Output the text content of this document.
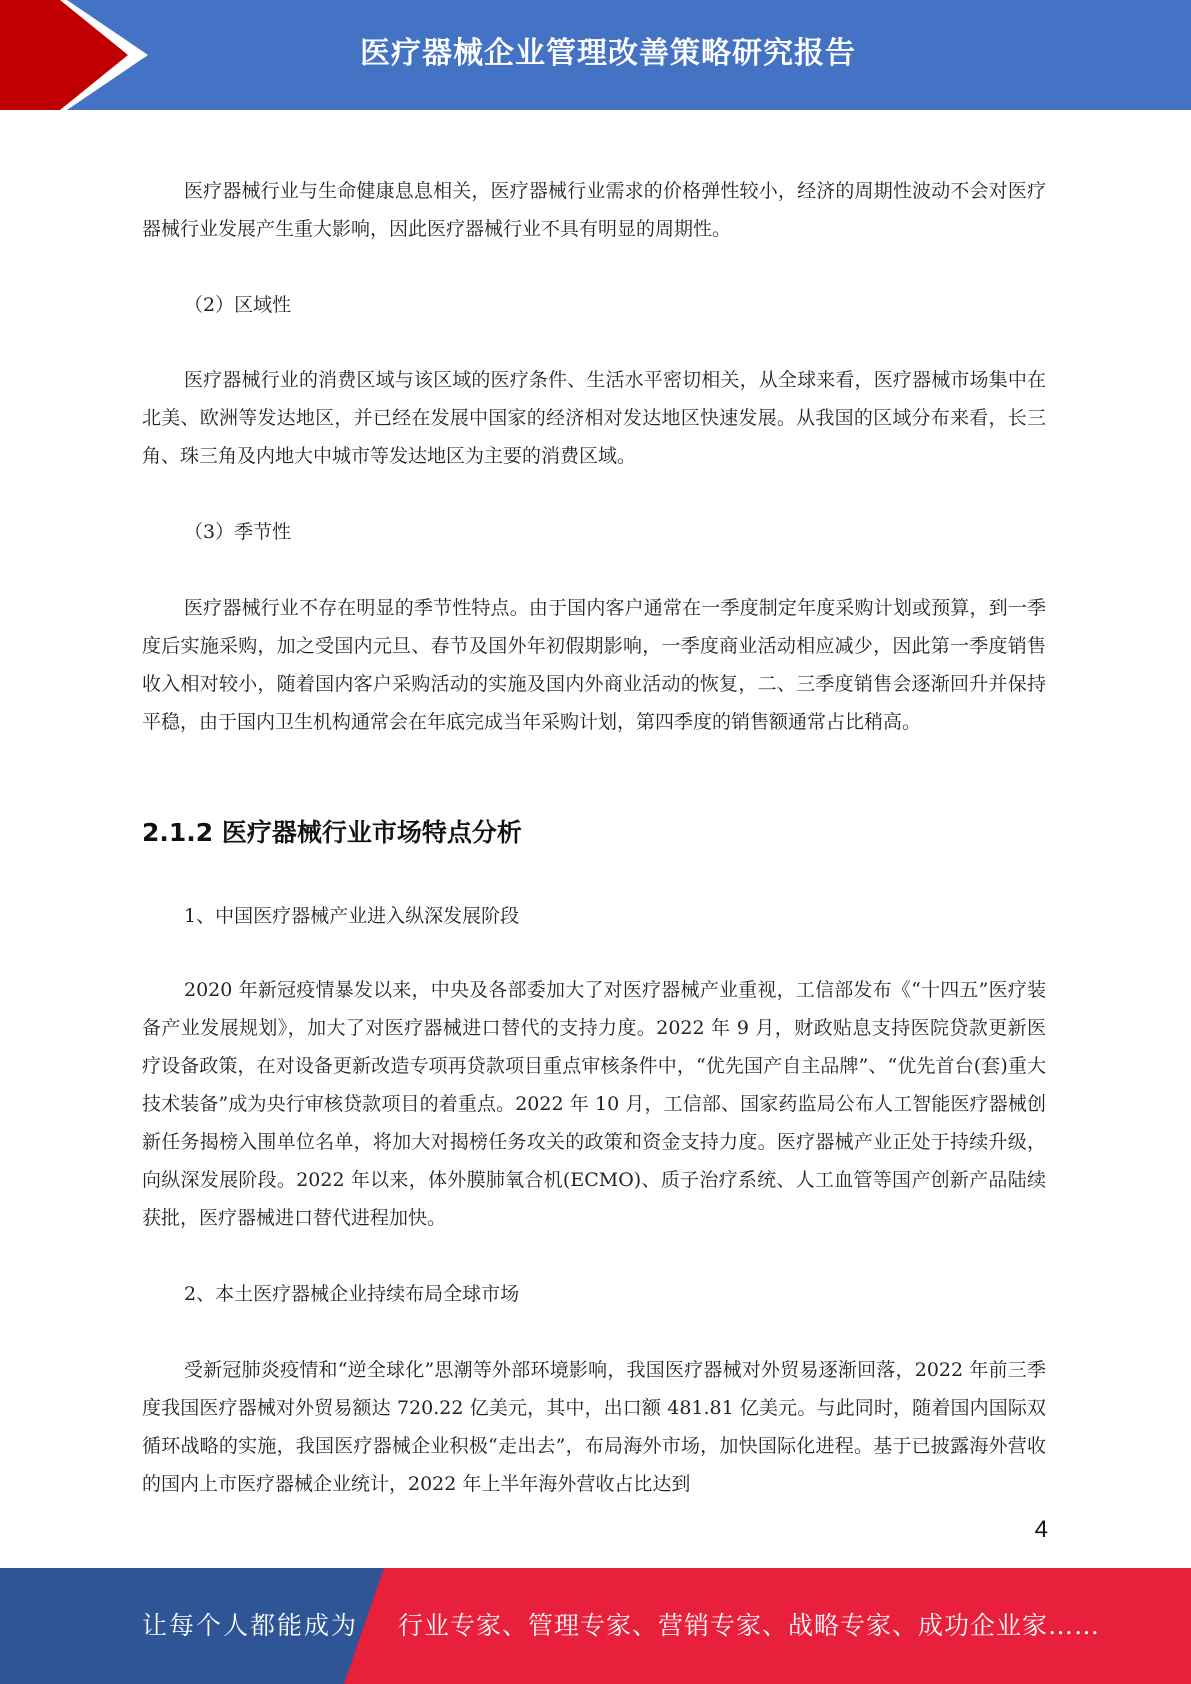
医疗器械企业管理改善策略研究报告

医疗器械行业与生命健康息息相关，医疗器械行业需求的价格弹性较小，经济的周期性波动不会对医疗器械行业发展产生重大影响，因此医疗器械行业不具有明显的周期性。

（2）区域性

医疗器械行业的消费区域与该区域的医疗条件、生活水平密切相关，从全球来看，医疗器械市场集中在北美、欧洲等发达地区，并已经在发展中国家的经济相对发达地区快速发展。从我国的区域分布来看，长三角、珠三角及内地大中城市等发达地区为主要的消费区域。

（3）季节性

医疗器械行业不存在明显的季节性特点。由于国内客户通常在一季度制定年度采购计划或预算，到一季度后实施采购，加之受国内元旦、春节及国外年初假期影响，一季度商业活动相应减少，因此第一季度销售收入相对较小，随着国内客户采购活动的实施及国内外商业活动的恢复，二、三季度销售会逐渐回升并保持平稳，由于国内卫生机构通常会在年底完成当年采购计划，第四季度的销售额通常占比稍高。

2.1.2 医疗器械行业市场特点分析

1、中国医疗器械产业进入纵深发展阶段

2020 年新冠疫情暴发以来，中央及各部委加大了对医疗器械产业重视，工信部发布《“十四五”医疗装备产业发展规划》，加大了对医疗器械进口替代的支持力度。2022 年 9 月，财政贴息支持医院贷款更新医疗设备政策，在对设备更新改造专项再贷款项目重点审核条件中，“优先国产自主品牌”、“优先首台(套)重大技术装备”成为央行审核贷款项目的着重点。2022 年 10 月，工信部、国家药监局公布人工智能医疗器械创新任务揭榜入围单位名单，将加大对揭榜任务攻关的政策和资金支持力度。医疗器械产业正处于持续升级，向纵深发展阶段。2022 年以来，体外膜肺氧合机(ECMO)、质子治疗系统、人工血管等国产创新产品陆续获批，医疗器械进口替代进程加快。

2、本土医疗器械企业持续布局全球市场

受新冠肺炎疫情和“逆全球化”思潮等外部环境影响，我国医疗器械对外贸易逐渐回落，2022 年前三季度我国医疗器械对外贸易额达 720.22 亿美元，其中，出口额 481.81 亿美元。与此同时，随着国内国际双循环战略的实施，我国医疗器械企业积极“走出去”，布局海外市场，加快国际化进程。基于已披露海外营收的国内上市医疗器械企业统计，2022 年上半年海外营收占比达到

4
让每个人都能成为 行业专家、管理专家、营销专家、战略专家、成功企业家……
